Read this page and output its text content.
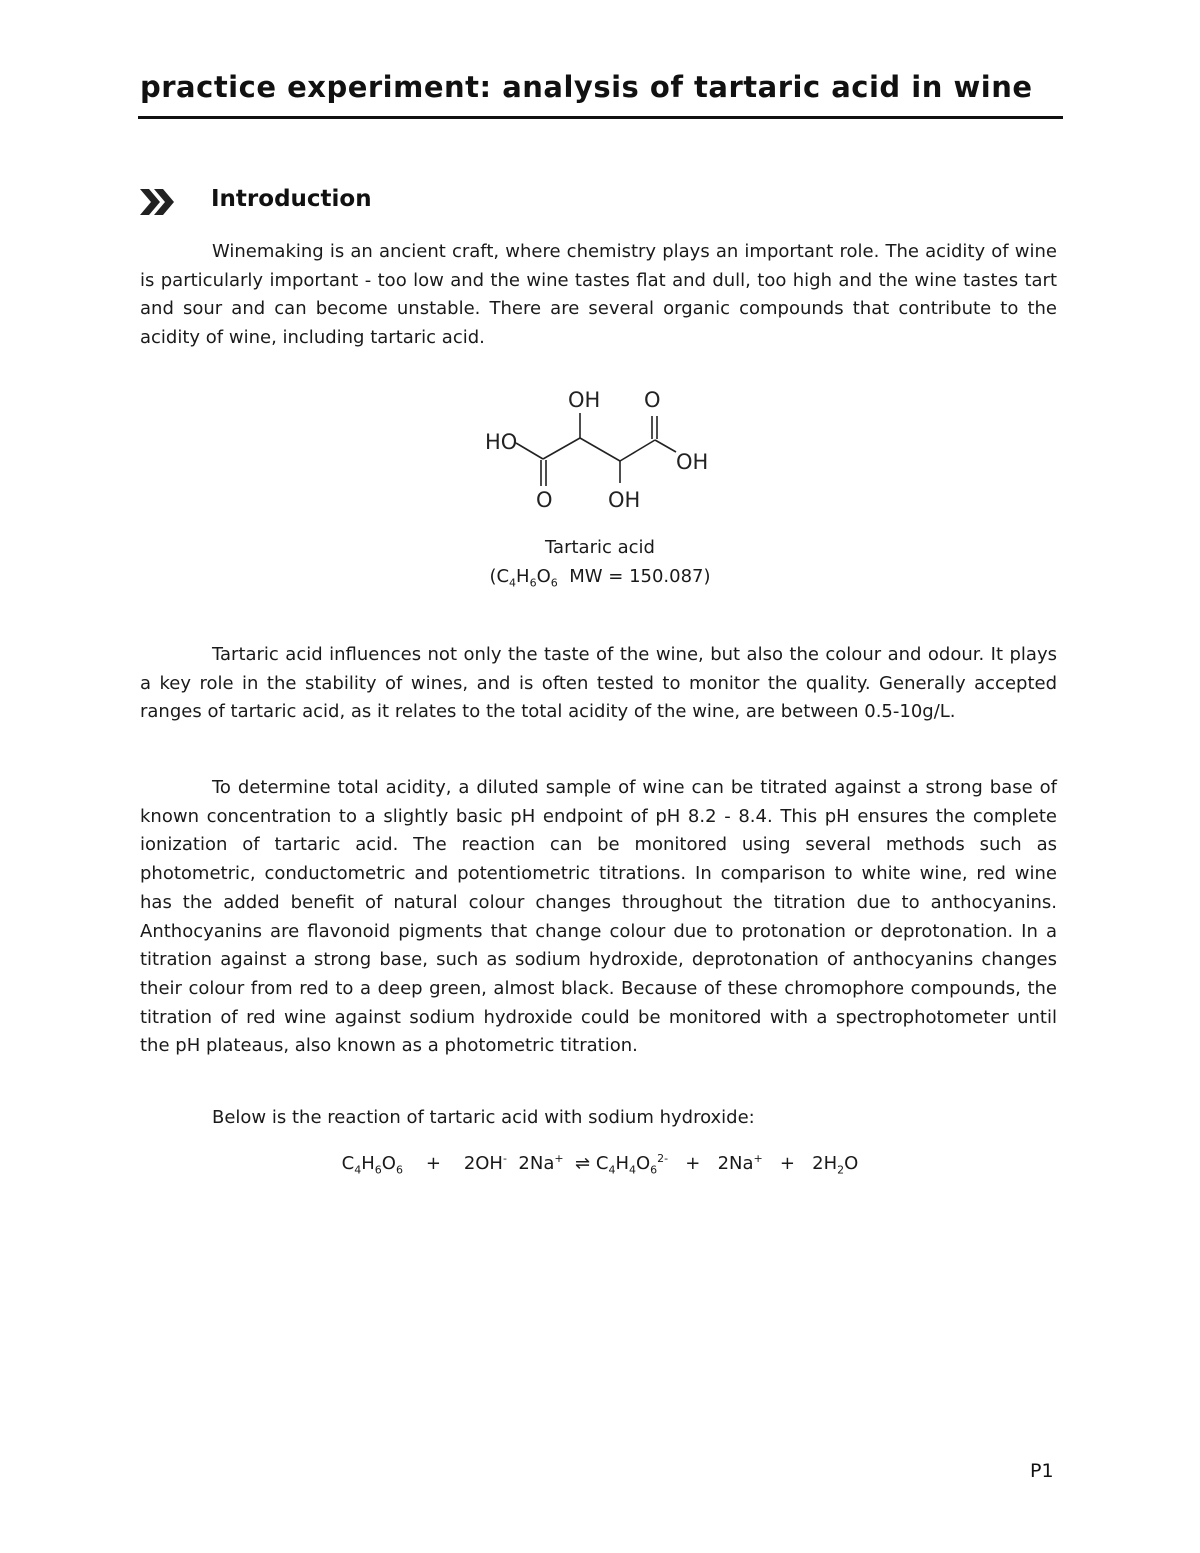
practice experiment: analysis of tartaric acid in wine
Introduction

Winemaking is an ancient craft, where chemistry plays an important role. The acidity of wine is particularly important - too low and the wine tastes flat and dull, too high and the wine tastes tart and sour and can become unstable. There are several organic compounds that contribute to the acidity of wine, including tartaric acid.

OH O
HO
OH
O	OH

Tartaric acid

($C_4H_6O_6$  MW = 150.087)

Tartaric acid influences not only the taste of the wine, but also the colour and odour. It plays a key role in the stability of wines, and is often tested to monitor the quality. Generally accepted ranges of tartaric acid, as it relates to the total acidity of the wine, are between 0.5-10g/L.

To determine total acidity, a diluted sample of wine can be titrated against a strong base of known concentration to a slightly basic pH endpoint of pH 8.2 - 8.4. This pH ensures the complete ionization of tartaric acid. The reaction can be monitored using several methods such as photometric, conductometric and potentiometric titrations. In comparison to white wine, red wine has the added benefit of natural colour changes throughout the titration due to anthocyanins. Anthocyanins are flavonoid pigments that change colour due to protonation or deprotonation. In a titration against a strong base, such as sodium hydroxide, deprotonation of anthocyanins changes their colour from red to a deep green, almost black. Because of these chromophore compounds, the titration of red wine against sodium hydroxide could be monitored with a spectrophotometer until the pH plateaus, also known as a photometric titration.

Below is the reaction of tartaric acid with sodium hydroxide:

$C_4H_6O_6 + 2OH^-$ 2Na+ ⇌ $C_4H_4O_6^{2-} + 2Na^+ + 2H_2O$

P1
